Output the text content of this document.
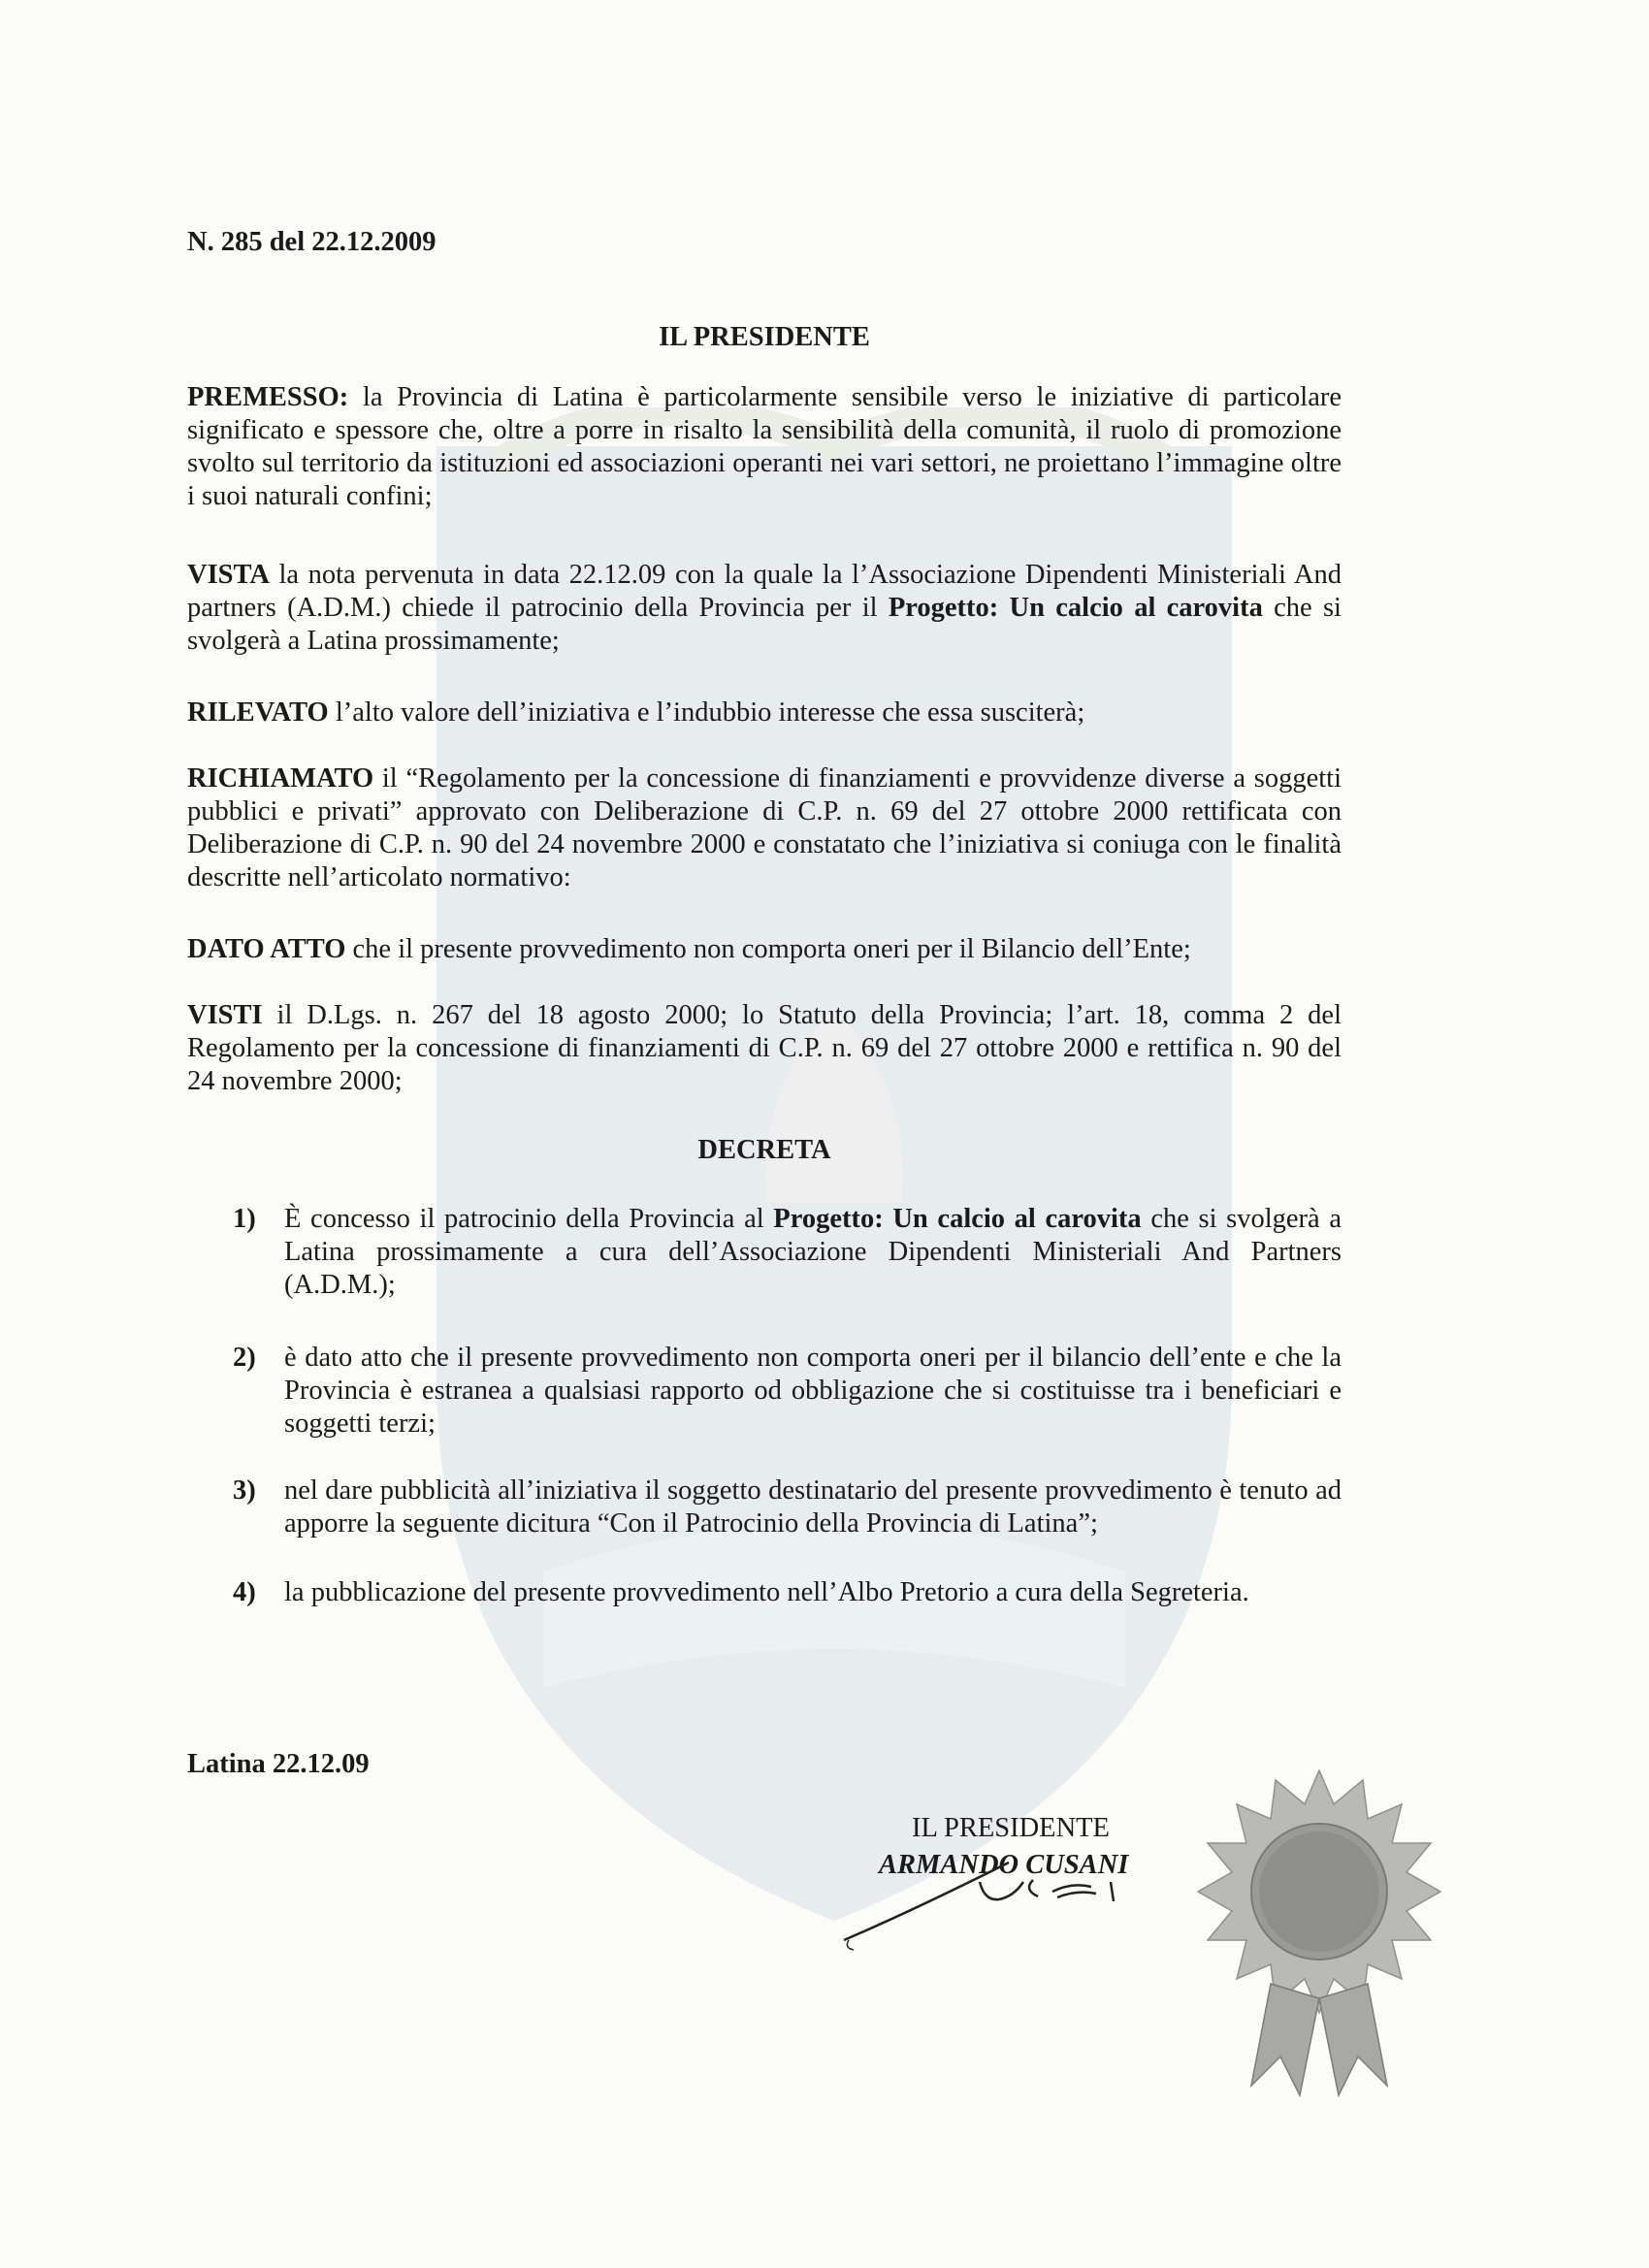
N. 285 del 22.12.2009
IL PRESIDENTE
PREMESSO: la Provincia di Latina è particolarmente sensibile verso le iniziative di particolare significato e spessore che, oltre a porre in risalto la sensibilità della comunità, il ruolo di promozione svolto sul territorio da istituzioni ed associazioni operanti nei vari settori, ne proiettano l’immagine oltre i suoi naturali confini;
VISTA la nota pervenuta in data 22.12.09 con la quale la l’Associazione Dipendenti Ministeriali And partners (A.D.M.) chiede il patrocinio della Provincia per il Progetto: Un calcio al carovita che si svolgerà a Latina prossimamente;
RILEVATO l’alto valore dell’iniziativa e l’indubbio interesse che essa susciterà;
RICHIAMATO il “Regolamento per la concessione di finanziamenti e provvidenze diverse a soggetti pubblici e privati” approvato con Deliberazione di C.P. n. 69 del 27 ottobre 2000 rettificata con Deliberazione di C.P. n. 90 del 24 novembre 2000 e constatato che l’iniziativa si coniuga con le finalità descritte nell’articolato normativo:
DATO ATTO che il presente provvedimento non comporta oneri per il Bilancio dell’Ente;
VISTI il D.Lgs. n. 267 del 18 agosto 2000; lo Statuto della Provincia; l’art. 18, comma 2 del Regolamento per la concessione di finanziamenti di C.P. n. 69 del 27 ottobre 2000 e rettifica n. 90 del 24 novembre 2000;
DECRETA
1)	È concesso il patrocinio della Provincia al Progetto: Un calcio al carovita che si svolgerà a Latina prossimamente a cura dell’Associazione Dipendenti Ministeriali And Partners (A.D.M.);
2)	è dato atto che il presente provvedimento non comporta oneri per il bilancio dell’ente e che la Provincia è estranea a qualsiasi rapporto od obbligazione che si costituisse tra i beneficiari e soggetti terzi;
3)	nel dare pubblicità all’iniziativa il soggetto destinatario del presente provvedimento è tenuto ad apporre la seguente dicitura “Con il Patrocinio della Provincia di Latina”;
4)	la pubblicazione del presente provvedimento nell’Albo Pretorio a cura della Segreteria.
Latina 22.12.09
IL PRESIDENTE
ARMANDO CUSANI
